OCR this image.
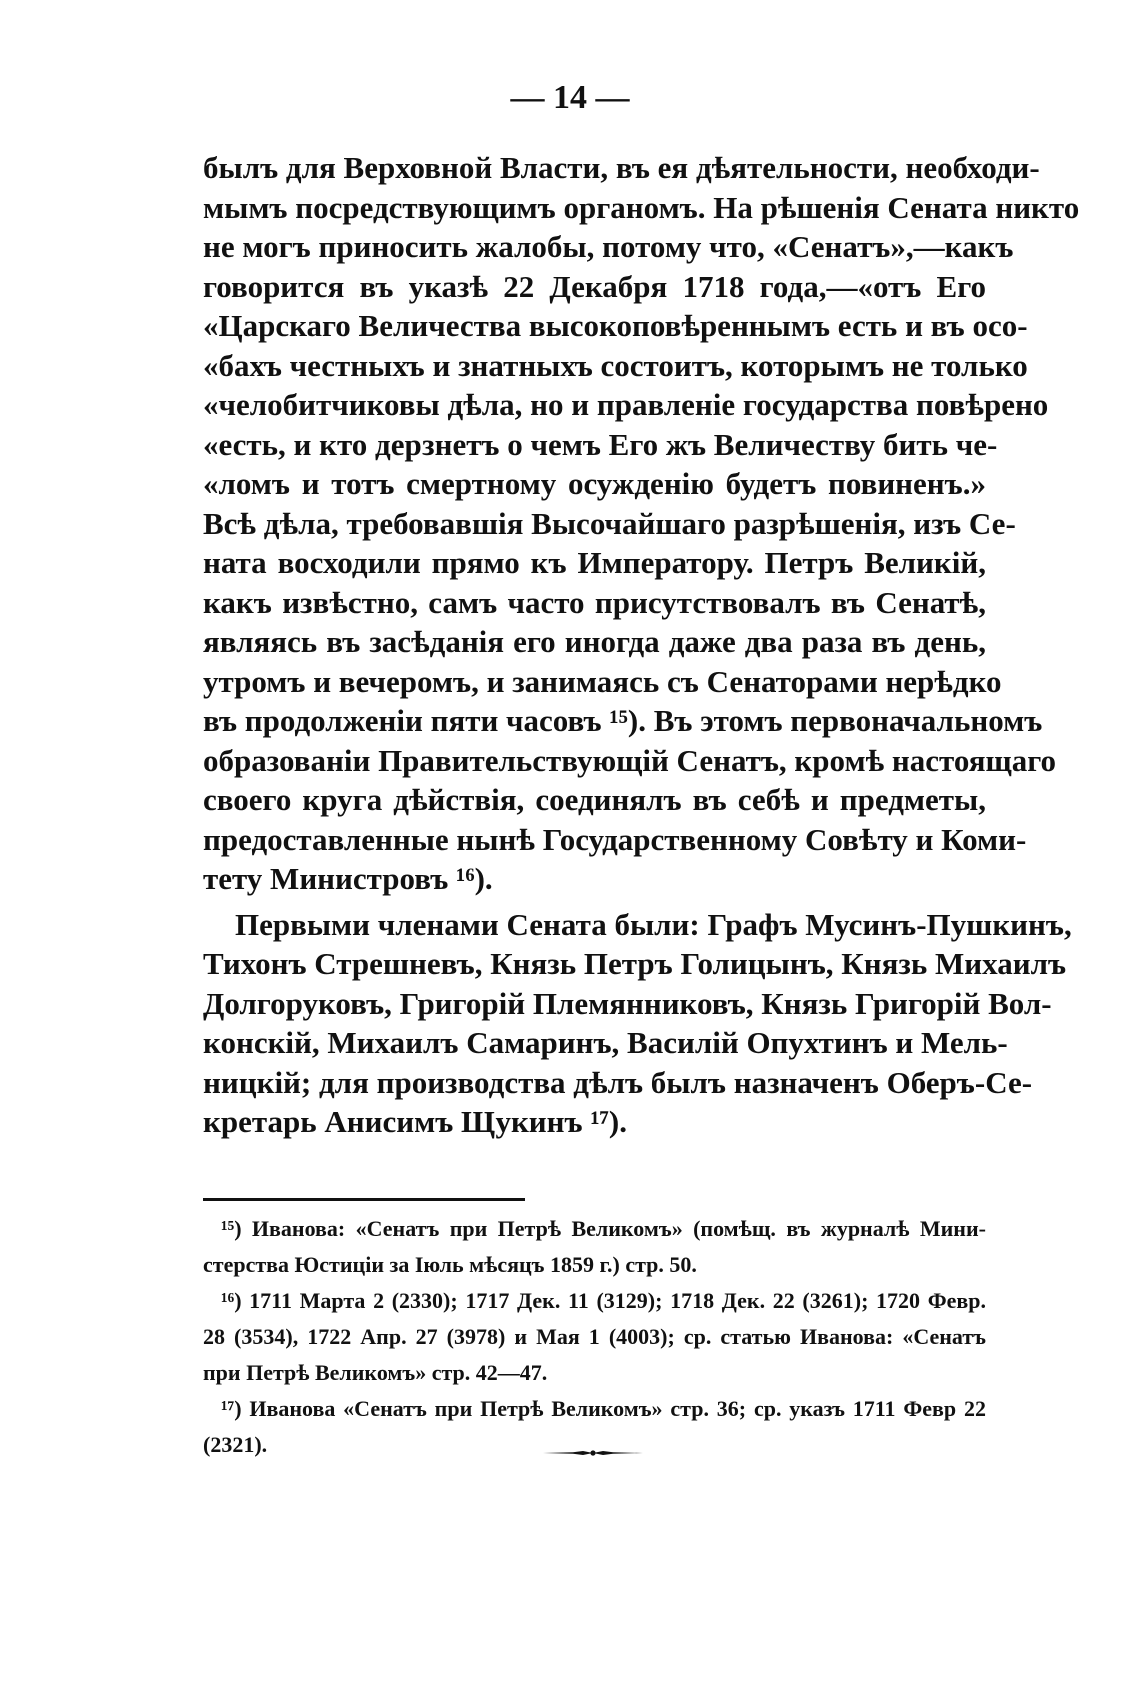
— 14 —
былъ для Верховной Власти, въ ея дѣятельности, необходи-
мымъ посредствующимъ органомъ. На рѣшенія Сената никто
не могъ приносить жалобы, потому что, «Сенатъ»,—какъ
говорится въ указѣ 22 Декабря 1718 года,—«отъ Его
«Царскаго Величества высокоповѣреннымъ есть и въ осо-
«бахъ честныхъ и знатныхъ состоитъ, которымъ не только
«челобитчиковы дѣла, но и правленіе государства повѣрено
«есть, и кто дерзнетъ о чемъ Его жъ Величеству бить че-
«ломъ и тотъ смертному осужденію будетъ повиненъ.»
Всѣ дѣла, требовавшія Высочайшаго разрѣшенія, изъ Се-
ната восходили прямо къ Императору. Петръ Великій,
какъ извѣстно, самъ часто присутствовалъ въ Сенатѣ,
являясь въ засѣданія его иногда даже два раза въ день,
утромъ и вечеромъ, и занимаясь съ Сенаторами нерѣдко
въ продолженіи пяти часовъ ¹⁵). Въ этомъ первоначальномъ
образованіи Правительствующій Сенатъ, кромѣ настоящаго
своего круга дѣйствія, соединялъ въ себѣ и предметы,
предоставленные нынѣ Государственному Совѣту и Коми-
тету Министровъ ¹⁶).
Первыми членами Сената были: Графъ Мусинъ-Пушкинъ,
Тихонъ Стрешневъ, Князь Петръ Голицынъ, Князь Михаилъ
Долгоруковъ, Григорій Племянниковъ, Князь Григорій Вол-
конскій, Михаилъ Самаринъ, Василій Опухтинъ и Мель-
ницкій; для производства дѣлъ былъ назначенъ Оберъ-Се-
кретарь Анисимъ Щукинъ ¹⁷).
¹⁵) Иванова: «Сенатъ при Петрѣ Великомъ» (помѣщ. въ журналѣ Мини-
стерства Юстиціи за Іюль мѣсяцъ 1859 г.) стр. 50.
¹⁶) 1711 Марта 2 (2330); 1717 Дек. 11 (3129); 1718 Дек. 22 (3261); 1720 Февр.
28 (3534), 1722 Апр. 27 (3978) и Мая 1 (4003); ср. статью Иванова: «Сенатъ
при Петрѣ Великомъ» стр. 42—47.
¹⁷) Иванова «Сенатъ при Петрѣ Великомъ» стр. 36; ср. указъ 1711 Февр 22
(2321).
